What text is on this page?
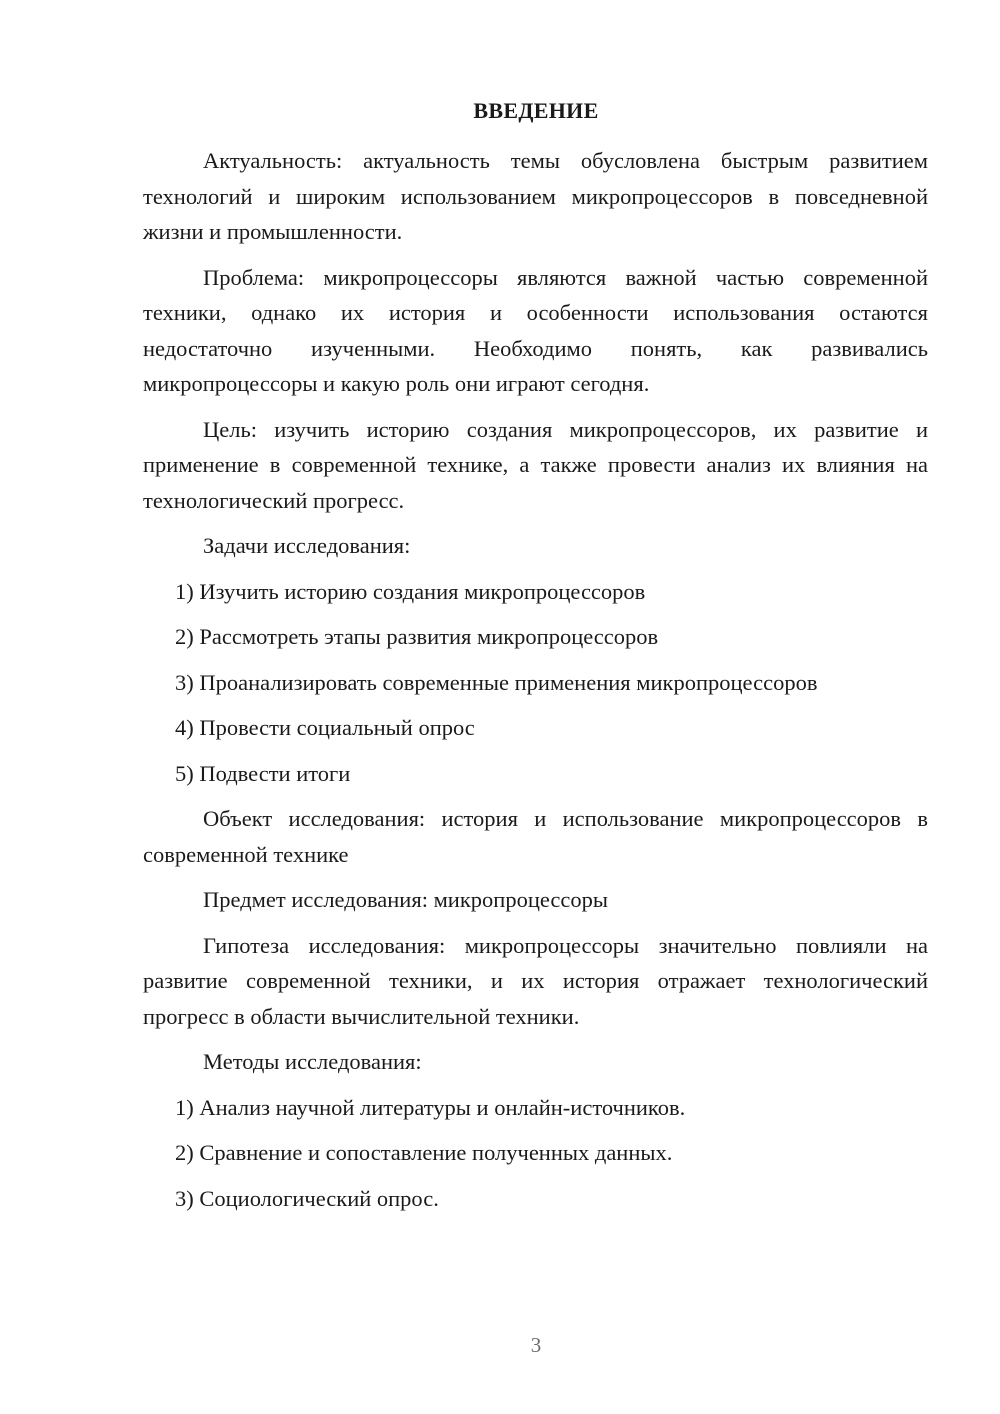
ВВЕДЕНИЕ

Актуальность: актуальность темы обусловлена быстрым развитием технологий и широким использованием микропроцессоров в повседневной жизни и промышленности.

Проблема: микропроцессоры являются важной частью современной техники, однако их история и особенности использования остаются недостаточно изученными. Необходимо понять, как развивались микропроцессоры и какую роль они играют сегодня.

Цель: изучить историю создания микропроцессоров, их развитие и применение в современной технике, а также провести анализ их влияния на технологический прогресс.

Задачи исследования:

1) Изучить историю создания микропроцессоров
2) Рассмотреть этапы развития микропроцессоров
3) Проанализировать современные применения микропроцессоров
4) Провести социальный опрос
5) Подвести итоги

Объект исследования: история и использование микропроцессоров в современной технике

Предмет исследования: микропроцессоры

Гипотеза исследования: микропроцессоры значительно повлияли на развитие современной техники, и их история отражает технологический прогресс в области вычислительной техники.

Методы исследования:

1) Анализ научной литературы и онлайн-источников.
2) Сравнение и сопоставление полученных данных.
3) Социологический опрос.
3
